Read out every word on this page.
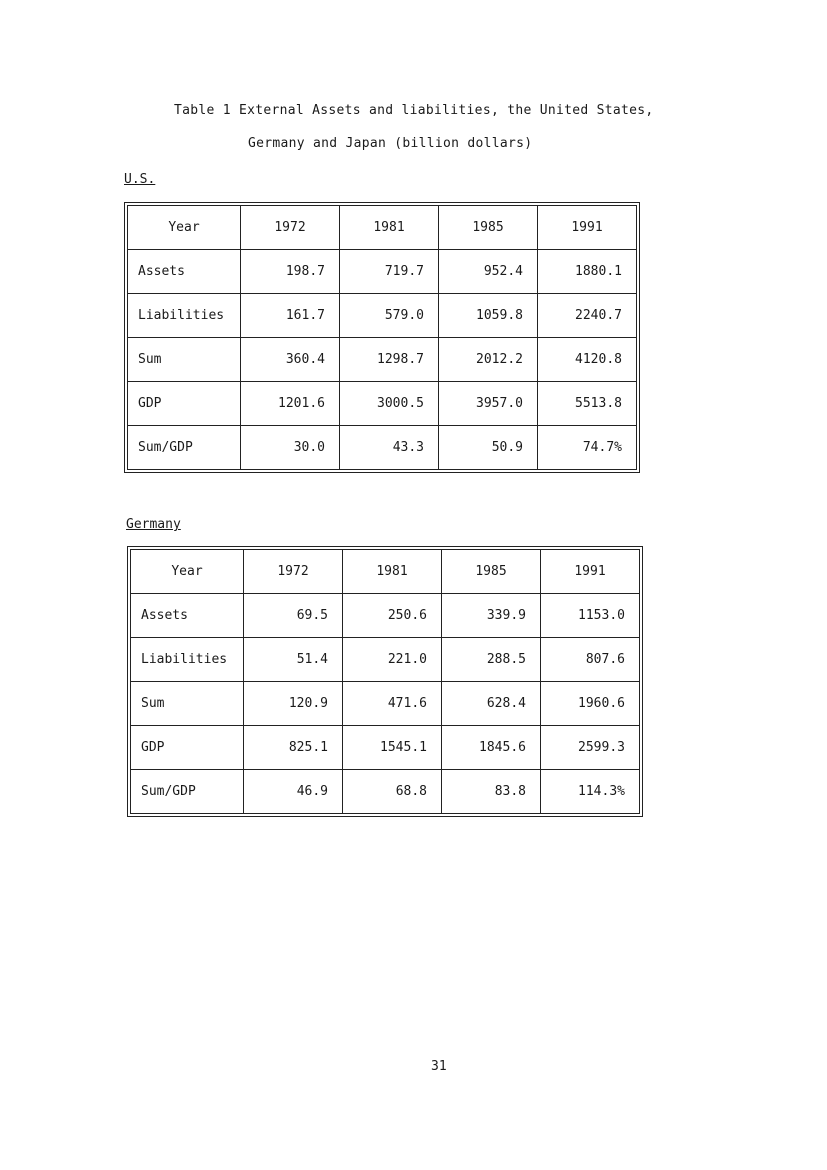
Table 1 External Assets and liabilities, the United States,
Germany and Japan (billion dollars)
U.S.
Year	1972	1981	1985	1991
Assets	198.7	719.7	952.4	1880.1
Liabilities	161.7	579.0	1059.8	2240.7
Sum	360.4	1298.7	2012.2	4120.8
GDP	1201.6	3000.5	3957.0	5513.8
Sum/GDP	30.0	43.3	50.9	74.7%
Germany
Year	1972	1981	1985	1991
Assets	69.5	250.6	339.9	1153.0
Liabilities	51.4	221.0	288.5	807.6
Sum	120.9	471.6	628.4	1960.6
GDP	825.1	1545.1	1845.6	2599.3
Sum/GDP	46.9	68.8	83.8	114.3%
31
